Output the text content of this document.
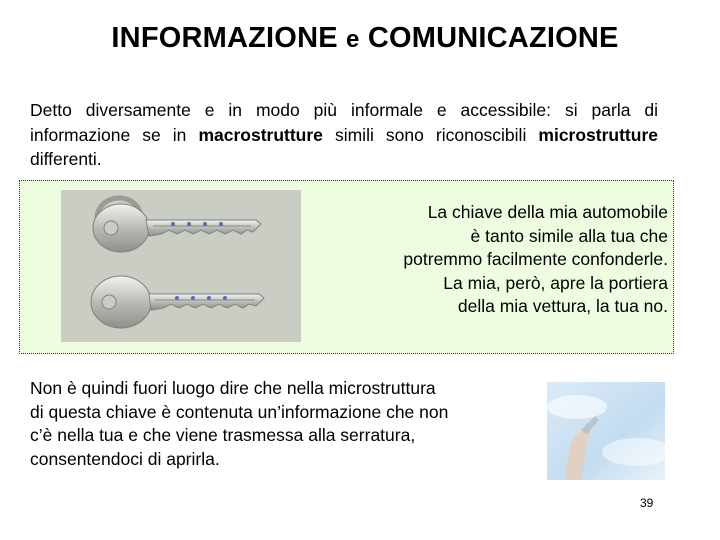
INFORMAZIONE e COMUNICAZIONE
Detto diversamente e in modo più informale e accessibile: si parla di informazione se in macrostrutture simili sono riconoscibili microstrutture differenti.
La chiave della mia automobile
è tanto simile alla tua che
potremmo facilmente confonderle.
La mia, però, apre la portiera
della mia vettura, la tua no.
Non è quindi fuori luogo dire che nella microstruttura
di questa chiave è contenuta un’informazione che non
c’è nella tua e che viene trasmessa alla serratura,
consentendoci di aprirla.
39
